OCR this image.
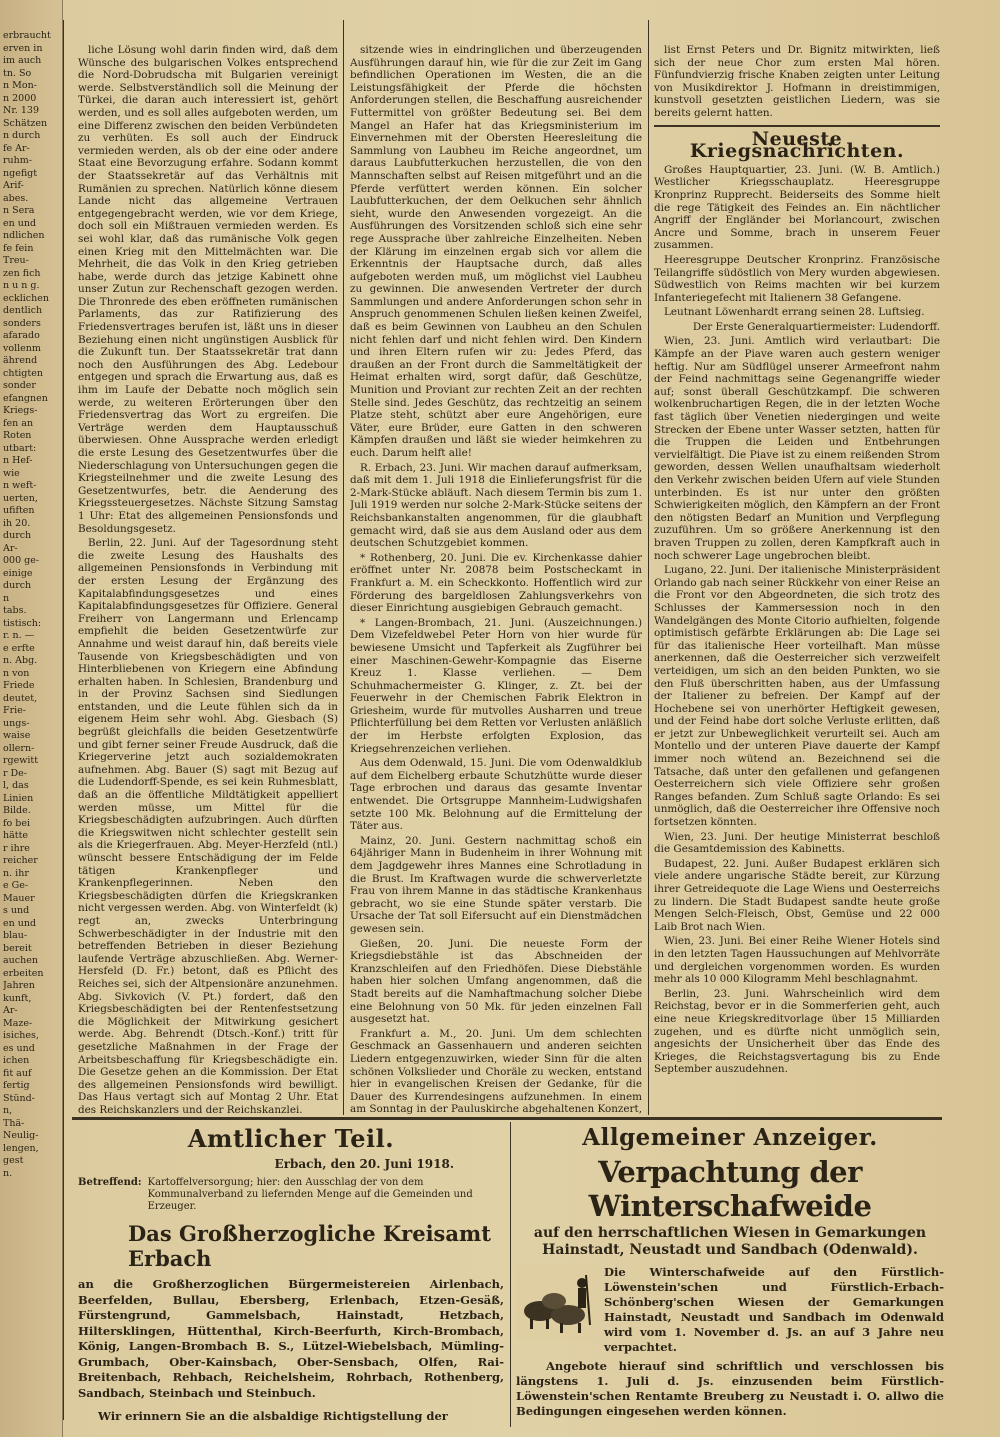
erbraucht
erven in
im auch
tn. So
n Mon-
n 2000
Nr. 139
Schätzen
n durch
fe Ar-
ruhm-
ngefigt
Arif-
abes.
n Sera
en und
ndlichen
fe fein
Treu-
zen fich
n u n g.
ecklichen
dentlich
sonders
afarado
vollenm
ährend
chtigten
sonder
efangnen
Kriegs-
fen an
Roten
utbart:
n Hef-
wie
n weft-
uerten,
ufiften
ih 20.
durch
Ar-
000 ge-
einige
durch
n
tabs.
tistisch:
r. n. —
e erfte
n. Abg.
n von
Friede
deutet,
Frie-
ungs-
waise
ollern-
rgewitt
r De-
l, das
Linien
Bilde.
fo bei
hätte
r ihre
reicher
n. ihr
e Ge-
Mauer
s und
en und
blau-
bereit
auchen
erbeiten
Jahren
kunft,
Ar-
Maze-
isiches,
es und
ichen
fit auf
fertig
Stünd-
n,
Thä-
Neulig-
lengen,
gest
n.

liche Lösung wohl darin finden wird, daß dem Wünsche des bulgarischen Volkes entsprechend die Nord-Dobrudscha mit Bulgarien vereinigt werde. Selbstverständlich soll die Meinung der Türkei, die daran auch interessiert ist, gehört werden, und es soll alles aufgeboten werden, um eine Differenz zwischen den beiden Verbündeten zu verhüten. Es soll auch der Eindruck vermieden werden, als ob der eine oder andere Staat eine Bevorzugung erfahre. Sodann kommt der Staatssekretär auf das Verhältnis mit Rumänien zu sprechen. Natürlich könne diesem Lande nicht das allgemeine Vertrauen entgegengebracht werden, wie vor dem Kriege, doch soll ein Mißtrauen vermieden werden. Es sei wohl klar, daß das rumänische Volk gegen einen Krieg mit den Mittelmächten war. Die Mehrheit, die das Volk in den Krieg getrieben habe, werde durch das jetzige Kabinett ohne unser Zutun zur Rechenschaft gezogen werden. Die Thronrede des eben eröffneten rumänischen Parlaments, das zur Ratifizierung des Friedensvertrages berufen ist, läßt uns in dieser Beziehung einen nicht ungünstigen Ausblick für die Zukunft tun. Der Staatssekretär trat dann noch den Ausführungen des Abg. Ledebour entgegen und sprach die Erwartung aus, daß es ihm im Laufe der Debatte noch möglich sein werde, zu weiteren Erörterungen über den Friedensvertrag das Wort zu ergreifen. Die Verträge werden dem Hauptausschuß überwiesen. Ohne Aussprache werden erledigt die erste Lesung des Gesetzentwurfes über die Niederschlagung von Untersuchungen gegen die Kriegsteilnehmer und die zweite Lesung des Gesetzentwurfes, betr. die Aenderung des Kriegssteuergesetzes. Nächste Sitzung Samstag 1 Uhr: Etat des allgemeinen Pensionsfonds und Besoldungsgesetz.

Berlin, 22. Juni. Auf der Tagesordnung steht die zweite Lesung des Haushalts des allgemeinen Pensionsfonds in Verbindung mit der ersten Lesung der Ergänzung des Kapitalabfindungsgesetzes und eines Kapitalabfindungsgesetzes für Offiziere. General Freiherr von Langermann und Erlencamp empfiehlt die beiden Gesetzentwürfe zur Annahme und weist darauf hin, daß bereits viele Tausende von Kriegsbeschädigten und von Hinterbliebenen von Kriegern eine Abfindung erhalten haben. In Schlesien, Brandenburg und in der Provinz Sachsen sind Siedlungen entstanden, und die Leute fühlen sich da in eigenem Heim sehr wohl. Abg. Giesbach (S) begrüßt gleichfalls die beiden Gesetzentwürfe und gibt ferner seiner Freude Ausdruck, daß die Kriegerverine jetzt auch sozialdemokraten aufnehmen. Abg. Bauer (S) sagt mit Bezug auf die Ludendorff-Spende, es sei kein Ruhmesblatt, daß an die öffentliche Mildtätigkeit appelliert werden müsse, um Mittel für die Kriegsbeschädigten aufzubringen. Auch dürften die Kriegswitwen nicht schlechter gestellt sein als die Kriegerfrauen. Abg. Meyer-Herzfeld (ntl.) wünscht bessere Entschädigung der im Felde tätigen Krankenpfleger und Krankenpflegerinnen. Neben den Kriegsbeschädigten dürfen die Kriegskranken nicht vergessen werden. Abg. von Winterfeldt (k) regt an, zwecks Unterbringung Schwerbeschädigter in der Industrie mit den betreffenden Betrieben in dieser Beziehung laufende Verträge abzuschließen. Abg. Werner-Hersfeld (D. Fr.) betont, daß es Pflicht des Reiches sei, sich der Altpensionäre anzunehmen. Abg. Sivkovich (V. Pt.) fordert, daß den Kriegsbeschädigten bei der Rentenfestsetzung die Möglichkeit der Mitwirkung gesichert werde. Abg. Behrendt (Dtsch.-Konf.) tritt für gesetzliche Maßnahmen in der Frage der Arbeitsbeschaffung für Kriegsbeschädigte ein. Die Gesetze gehen an die Kommission. Der Etat des allgemeinen Pensionsfonds wird bewilligt. Das Haus vertagt sich auf Montag 2 Uhr. Etat des Reichskanzlers und der Reichskanzlei.

sitzende wies in eindringlichen und überzeugenden Ausführungen darauf hin, wie für die zur Zeit im Gang befindlichen Operationen im Westen, die an die Leistungsfähigkeit der Pferde die höchsten Anforderungen stellen, die Beschaffung ausreichender Futtermittel von größter Bedeutung sei. Bei dem Mangel an Hafer hat das Kriegsministerium im Einvernehmen mit der Obersten Heeresleitung die Sammlung von Laubheu im Reiche angeordnet, um daraus Laubfutterkuchen herzustellen, die von den Mannschaften selbst auf Reisen mitgeführt und an die Pferde verfüttert werden können. Ein solcher Laubfutterkuchen, der dem Oelkuchen sehr ähnlich sieht, wurde den Anwesenden vorgezeigt. An die Ausführungen des Vorsitzenden schloß sich eine sehr rege Aussprache über zahlreiche Einzelheiten. Neben der Klärung im einzelnen ergab sich vor allem die Erkenntnis der Hauptsache durch, daß alles aufgeboten werden muß, um möglichst viel Laubheu zu gewinnen. Die anwesenden Vertreter der durch Sammlungen und andere Anforderungen schon sehr in Anspruch genommenen Schulen ließen keinen Zweifel, daß es beim Gewinnen von Laubheu an den Schulen nicht fehlen darf und nicht fehlen wird. Den Kindern und ihren Eltern rufen wir zu: Jedes Pferd, das draußen an der Front durch die Sammeltätigkeit der Heimat erhalten wird, sorgt dafür, daß Geschütze, Munition und Proviant zur rechten Zeit an der rechten Stelle sind. Jedes Geschütz, das rechtzeitig an seinem Platze steht, schützt aber eure Angehörigen, eure Väter, eure Brüder, eure Gatten in den schweren Kämpfen draußen und läßt sie wieder heimkehren zu euch. Darum helft alle!

R. Erbach, 23. Juni. Wir machen darauf aufmerksam, daß mit dem 1. Juli 1918 die Einlieferungsfrist für die 2-Mark-Stücke abläuft. Nach diesem Termin bis zum 1. Juli 1919 werden nur solche 2-Mark-Stücke seitens der Reichsbankanstalten angenommen, für die glaubhaft gemacht wird, daß sie aus dem Ausland oder aus dem deutschen Schutzgebiet kommen.

* Rothenberg, 20. Juni. Die ev. Kirchenkasse dahier eröffnet unter Nr. 20878 beim Postscheckamt in Frankfurt a. M. ein Scheckkonto. Hoffentlich wird zur Förderung des bargeldlosen Zahlungsverkehrs von dieser Einrichtung ausgiebigen Gebrauch gemacht.

* Langen-Brombach, 21. Juni. (Auszeichnungen.) Dem Vizefeldwebel Peter Horn von hier wurde für bewiesene Umsicht und Tapferkeit als Zugführer bei einer Maschinen-Gewehr-Kompagnie das Eiserne Kreuz 1. Klasse verliehen. — Dem Schuhmachermeister G. Klinger, z. Zt. bei der Feuerwehr in der Chemischen Fabrik Elektron in Griesheim, wurde für mutvolles Ausharren und treue Pflichterfüllung bei dem Retten vor Verlusten anläßlich der im Herbste erfolgten Explosion, das Kriegsehrenzeichen verliehen.

Aus dem Odenwald, 15. Juni. Die vom Odenwaldklub auf dem Eichelberg erbaute Schutzhütte wurde dieser Tage erbrochen und daraus das gesamte Inventar entwendet. Die Ortsgruppe Mannheim-Ludwigshafen setzte 100 Mk. Belohnung auf die Ermittelung der Täter aus.

Mainz, 20. Juni. Gestern nachmittag schoß ein 64jähriger Mann in Budenheim in ihrer Wohnung mit dem Jagdgewehr ihres Mannes eine Schrotladung in die Brust. Im Kraftwagen wurde die schwerverletzte Frau von ihrem Manne in das städtische Krankenhaus gebracht, wo sie eine Stunde später verstarb. Die Ursache der Tat soll Eifersucht auf ein Dienstmädchen gewesen sein.

Gießen, 20. Juni. Die neueste Form der Kriegsdiebstähle ist das Abschneiden der Kranzschleifen auf den Friedhöfen. Diese Diebstähle haben hier solchen Umfang angenommen, daß die Stadt bereits auf die Namhaftmachung solcher Diebe eine Belohnung von 50 Mk. für jeden einzelnen Fall ausgesetzt hat.

Frankfurt a. M., 20. Juni. Um dem schlechten Geschmack an Gassenhauern und anderen seichten Liedern entgegenzuwirken, wieder Sinn für die alten schönen Volkslieder und Choräle zu wecken, entstand hier in evangelischen Kreisen der Gedanke, für die Dauer des Kurrendesingens aufzunehmen. In einem am Sonntag in der Pauluskirche abgehaltenen Konzert,

list Ernst Peters und Dr. Bignitz mitwirkten, ließ sich der neue Chor zum ersten Mal hören. Fünfundvierzig frische Knaben zeigten unter Leitung von Musikdirektor J. Hofmann in dreistimmigen, kunstvoll gesetzten geistlichen Liedern, was sie bereits gelernt hatten.

Neueste Kriegsnachrichten.

Großes Hauptquartier, 23. Juni. (W. B. Amtlich.) Westlicher Kriegsschauplatz. Heeresgruppe Kronprinz Rupprecht. Beiderseits des Somme hielt die rege Tätigkeit des Feindes an. Ein nächtlicher Angriff der Engländer bei Morlancourt, zwischen Ancre und Somme, brach in unserem Feuer zusammen.

Heeresgruppe Deutscher Kronprinz. Französische Teilangriffe südöstlich von Mery wurden abgewiesen. Südwestlich von Reims machten wir bei kurzem Infanteriegefecht mit Italienern 38 Gefangene.

Leutnant Löwenhardt errang seinen 28. Luftsieg.

Der Erste Generalquartiermeister: Ludendorff.

Wien, 23. Juni. Amtlich wird verlautbart: Die Kämpfe an der Piave waren auch gestern weniger heftig. Nur am Südflügel unserer Armeefront nahm der Feind nachmittags seine Gegenangriffe wieder auf; sonst überall Geschützkampf. Die schweren wolkenbruchartigen Regen, die in der letzten Woche fast täglich über Venetien niedergingen und weite Strecken der Ebene unter Wasser setzten, hatten für die Truppen die Leiden und Entbehrungen vervielfältigt. Die Piave ist zu einem reißenden Strom geworden, dessen Wellen unaufhaltsam wiederholt den Verkehr zwischen beiden Ufern auf viele Stunden unterbinden. Es ist nur unter den größten Schwierigkeiten möglich, den Kämpfern an der Front den nötigsten Bedarf an Munition und Verpflegung zuzuführen. Um so größere Anerkennung ist den braven Truppen zu zollen, deren Kampfkraft auch in noch schwerer Lage ungebrochen bleibt.

Lugano, 22. Juni. Der italienische Ministerpräsident Orlando gab nach seiner Rückkehr von einer Reise an die Front vor den Abgeordneten, die sich trotz des Schlusses der Kammersession noch in den Wandelgängen des Monte Citorio aufhielten, folgende optimistisch gefärbte Erklärungen ab: Die Lage sei für das italienische Heer vorteilhaft. Man müsse anerkennen, daß die Oesterreicher sich verzweifelt verteidigen, um sich an den beiden Punkten, wo sie den Fluß überschritten haben, aus der Umfassung der Italiener zu befreien. Der Kampf auf der Hochebene sei von unerhörter Heftigkeit gewesen, und der Feind habe dort solche Verluste erlitten, daß er jetzt zur Unbeweglichkeit verurteilt sei. Auch am Montello und der unteren Piave dauerte der Kampf immer noch wütend an. Bezeichnend sei die Tatsache, daß unter den gefallenen und gefangenen Oesterreichern sich viele Offiziere sehr großen Ranges befanden. Zum Schluß sagte Orlando: Es sei unmöglich, daß die Oesterreicher ihre Offensive noch fortsetzen könnten.

Wien, 23. Juni. Der heutige Ministerrat beschloß die Gesamtdemission des Kabinetts.

Budapest, 22. Juni. Außer Budapest erklären sich viele andere ungarische Städte bereit, zur Kürzung ihrer Getreidequote die Lage Wiens und Oesterreichs zu lindern. Die Stadt Budapest sandte heute große Mengen Selch-Fleisch, Obst, Gemüse und 22 000 Laib Brot nach Wien.

Wien, 23. Juni. Bei einer Reihe Wiener Hotels sind in den letzten Tagen Haussuchungen auf Mehlvorräte und dergleichen vorgenommen worden. Es wurden mehr als 10 000 Kilogramm Mehl beschlagnahmt.

Berlin, 23. Juni. Wahrscheinlich wird dem Reichstag, bevor er in die Sommerferien geht, auch eine neue Kriegskreditvorlage über 15 Milliarden zugehen, und es dürfte nicht unmöglich sein, angesichts der Unsicherheit über das Ende des Krieges, die Reichstagsvertagung bis zu Ende September auszudehnen.

Amtlicher Teil.
Erbach, den 20. Juni 1918.
Betreffend: Kartoffelversorgung; hier: den Ausschlag der von dem Kommunalverband zu liefernden Menge auf die Gemeinden und Erzeuger.
Das Großherzogliche Kreisamt Erbach
an die Großherzoglichen Bürgermeistereien Airlenbach, Beerfelden, Bullau, Ebersberg, Erlenbach, Etzen-Gesäß, Fürstengrund, Gammelsbach, Hainstadt, Hetzbach, Hiltersklingen, Hüttenthal, Kirch-Beerfurth, Kirch-Brombach, König, Langen-Brombach B. S., Lützel-Wiebelsbach, Mümling-Grumbach, Ober-Kainsbach, Ober-Sensbach, Olfen, Rai-Breitenbach, Rehbach, Reichelsheim, Rohrbach, Rothenberg, Sandbach, Steinbach und Steinbuch.
Wir erinnern Sie an die alsbaldige Richtigstellung der
Allgemeiner Anzeiger.
Verpachtung der Winterschafweide
auf den herrschaftlichen Wiesen in Gemarkungen Hainstadt, Neustadt und Sandbach (Odenwald).
Die Winterschafweide auf den Fürstlich-Löwenstein'schen und Fürstlich-Erbach-Schönberg'schen Wiesen der Gemarkungen Hainstadt, Neustadt und Sandbach im Odenwald wird vom 1. November d. Js. an auf 3 Jahre neu verpachtet.
Angebote hierauf sind schriftlich und verschlossen bis längstens 1. Juli d. Js. einzusenden beim Fürstlich-Löwenstein'schen Rentamte Breuberg zu Neustadt i. O. allwo die Bedingungen eingesehen werden können.
